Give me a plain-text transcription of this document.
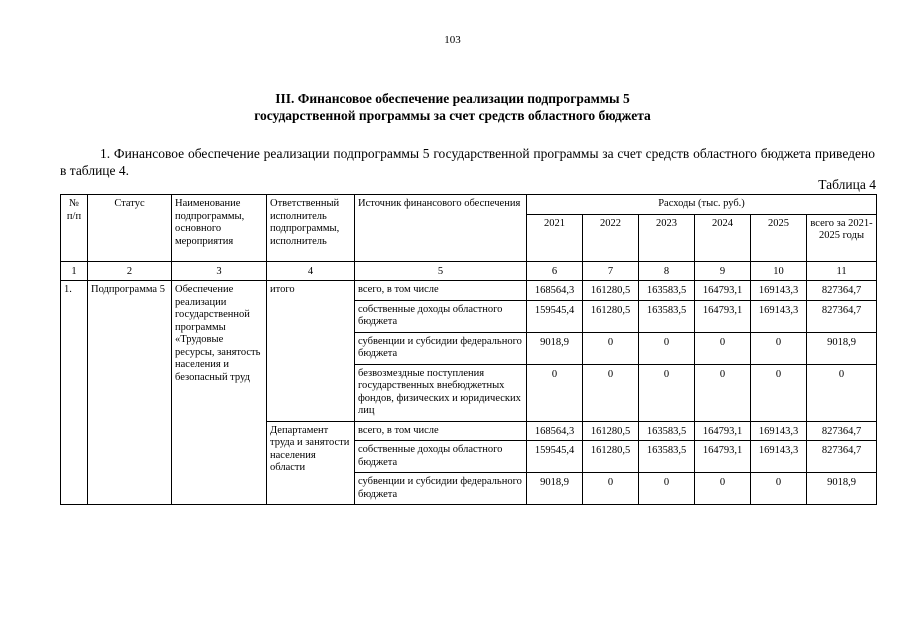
103
III. Финансовое обеспечение реализации подпрограммы 5
государственной программы за счет средств областного бюджета
1. Финансовое обеспечение реализации подпрограммы 5 государственной программы за счет средств областного бюджета приведено в таблице 4.
Таблица 4
№ п/п	Статус	Наименование подпрограммы, основного мероприятия	Ответственный исполнитель подпрограммы, исполнитель	Источник финансового обеспечения	Расходы (тыс. руб.)					
					2021	2022	2023	2024	2025	всего за 2021-2025 годы
1	2	3	4	5	6	7	8	9	10	11
1.	Подпрограмма 5	Обеспечение реализации государственной программы «Трудовые ресурсы, занятость населения и безопасный труд	итого	всего, в том числе	168564,3	161280,5	163583,5	164793,1	169143,3	827364,7
				собственные доходы областного бюджета	159545,4	161280,5	163583,5	164793,1	169143,3	827364,7
				субвенции и субсидии федерального бюджета	9018,9	0	0	0	0	9018,9
				безвозмездные поступления государственных внебюджетных фондов, физических и юридических лиц	0	0	0	0	0	0
			Департамент труда и занятости населения области	всего, в том числе	168564,3	161280,5	163583,5	164793,1	169143,3	827364,7
				собственные доходы областного бюджета	159545,4	161280,5	163583,5	164793,1	169143,3	827364,7
				субвенции и субсидии федерального бюджета	9018,9	0	0	0	0	9018,9
